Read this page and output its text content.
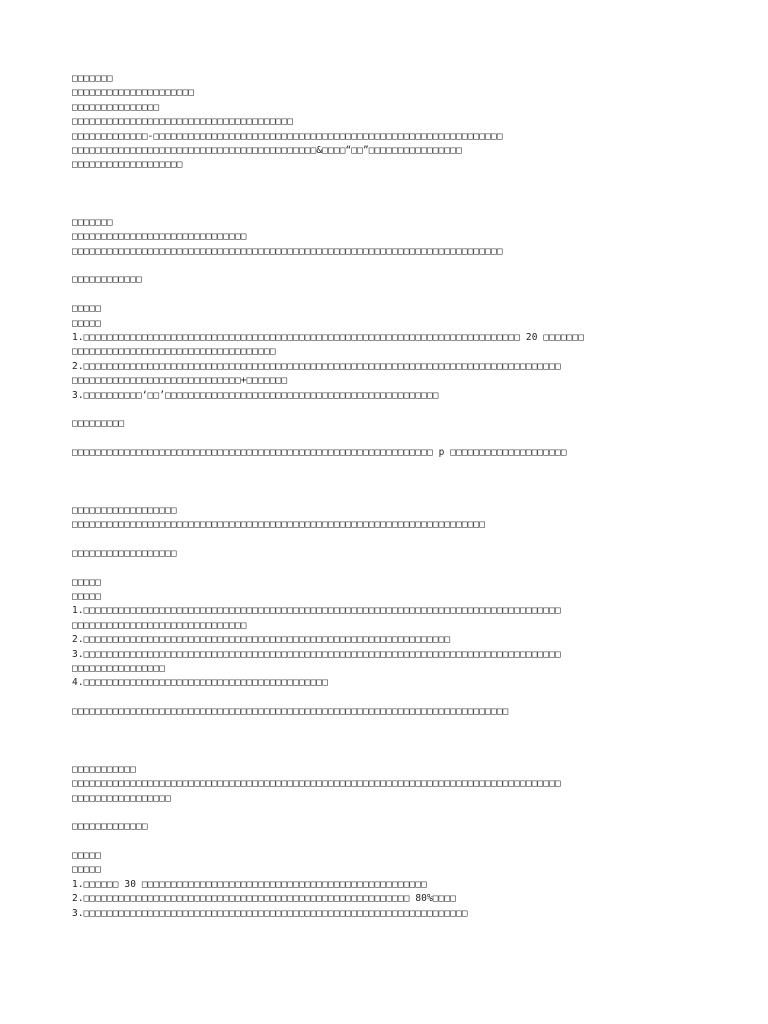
□□□□□□□
□□□□□□□□□□□□□□□□□□□□□
□□□□□□□□□□□□□□□
□□□□□□□□□□□□□□□□□□□□□□□□□□□□□□□□□□□□□□
□□□□□□□□□□□□□-□□□□□□□□□□□□□□□□□□□□□□□□□□□□□□□□□□□□□□□□□□□□□□□□□□□□□□□□□□□□
□□□□□□□□□□□□□□□□□□□□□□□□□□□□□□□□□□□□□□□□□□&□□□□“□□”□□□□□□□□□□□□□□□□
□□□□□□□□□□□□□□□□□□□
□□□□□□□
□□□□□□□□□□□□□□□□□□□□□□□□□□□□□□
□□□□□□□□□□□□□□□□□□□□□□□□□□□□□□□□□□□□□□□□□□□□□□□□□□□□□□□□□□□□□□□□□□□□□□□□□□
□□□□□□□□□□□□
□□□□□
□□□□□
1.□□□□□□□□□□□□□□□□□□□□□□□□□□□□□□□□□□□□□□□□□□□□□□□□□□□□□□□□□□□□□□□□□□□□□□□□□□□ 20 □□□□□□□
□□□□□□□□□□□□□□□□□□□□□□□□□□□□□□□□□□□
2.□□□□□□□□□□□□□□□□□□□□□□□□□□□□□□□□□□□□□□□□□□□□□□□□□□□□□□□□□□□□□□□□□□□□□□□□□□□□□□□□□□
□□□□□□□□□□□□□□□□□□□□□□□□□□□□□+□□□□□□□
3.□□□□□□□□□□‘□□’□□□□□□□□□□□□□□□□□□□□□□□□□□□□□□□□□□□□□□□□□□□□□□□
□□□□□□□□□
□□□□□□□□□□□□□□□□□□□□□□□□□□□□□□□□□□□□□□□□□□□□□□□□□□□□□□□□□□□□□□ p □□□□□□□□□□□□□□□□□□□□
□□□□□□□□□□□□□□□□□□
□□□□□□□□□□□□□□□□□□□□□□□□□□□□□□□□□□□□□□□□□□□□□□□□□□□□□□□□□□□□□□□□□□□□□□□
□□□□□□□□□□□□□□□□□□
□□□□□
□□□□□
1.□□□□□□□□□□□□□□□□□□□□□□□□□□□□□□□□□□□□□□□□□□□□□□□□□□□□□□□□□□□□□□□□□□□□□□□□□□□□□□□□□□
□□□□□□□□□□□□□□□□□□□□□□□□□□□□□□
2.□□□□□□□□□□□□□□□□□□□□□□□□□□□□□□□□□□□□□□□□□□□□□□□□□□□□□□□□□□□□□□□
3.□□□□□□□□□□□□□□□□□□□□□□□□□□□□□□□□□□□□□□□□□□□□□□□□□□□□□□□□□□□□□□□□□□□□□□□□□□□□□□□□□□
□□□□□□□□□□□□□□□□
4.□□□□□□□□□□□□□□□□□□□□□□□□□□□□□□□□□□□□□□□□□□
□□□□□□□□□□□□□□□□□□□□□□□□□□□□□□□□□□□□□□□□□□□□□□□□□□□□□□□□□□□□□□□□□□□□□□□□□□□
□□□□□□□□□□□
□□□□□□□□□□□□□□□□□□□□□□□□□□□□□□□□□□□□□□□□□□□□□□□□□□□□□□□□□□□□□□□□□□□□□□□□□□□□□□□□□□□□
□□□□□□□□□□□□□□□□□
□□□□□□□□□□□□□
□□□□□
□□□□□
1.□□□□□□ 30 □□□□□□□□□□□□□□□□□□□□□□□□□□□□□□□□□□□□□□□□□□□□□□□□□
2.□□□□□□□□□□□□□□□□□□□□□□□□□□□□□□□□□□□□□□□□□□□□□□□□□□□□□□□□ 80%□□□□
3.□□□□□□□□□□□□□□□□□□□□□□□□□□□□□□□□□□□□□□□□□□□□□□□□□□□□□□□□□□□□□□□□□□
